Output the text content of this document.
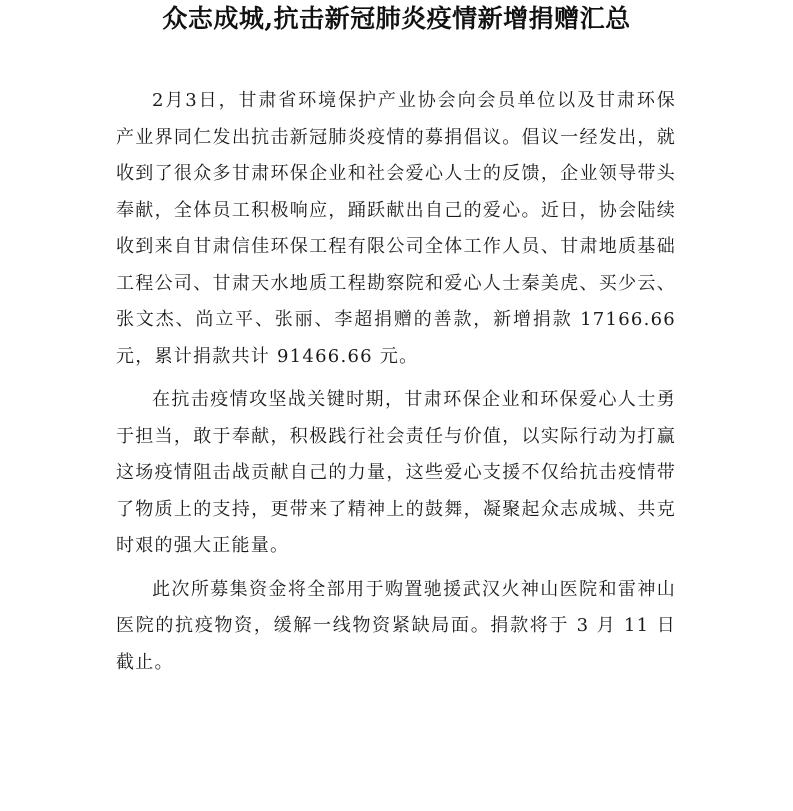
众志成城,抗击新冠肺炎疫情新增捐赠汇总

2月3日，甘肃省环境保护产业协会向会员单位以及甘肃环保产业界同仁发出抗击新冠肺炎疫情的募捐倡议。倡议一经发出，就收到了很众多甘肃环保企业和社会爱心人士的反馈，企业领导带头奉献，全体员工积极响应，踊跃献出自己的爱心。近日，协会陆续收到来自甘肃信佳环保工程有限公司全体工作人员、甘肃地质基础工程公司、甘肃天水地质工程勘察院和爱心人士秦美虎、买少云、张文杰、尚立平、张丽、李超捐赠的善款，新增捐款 17166.66 元，累计捐款共计 91466.66 元。

在抗击疫情攻坚战关键时期，甘肃环保企业和环保爱心人士勇于担当，敢于奉献，积极践行社会责任与价值，以实际行动为打赢这场疫情阻击战贡献自己的力量，这些爱心支援不仅给抗击疫情带了物质上的支持，更带来了精神上的鼓舞，凝聚起众志成城、共克时艰的强大正能量。

此次所募集资金将全部用于购置驰援武汉火神山医院和雷神山医院的抗疫物资，缓解一线物资紧缺局面。捐款将于 3 月 11 日截止。
